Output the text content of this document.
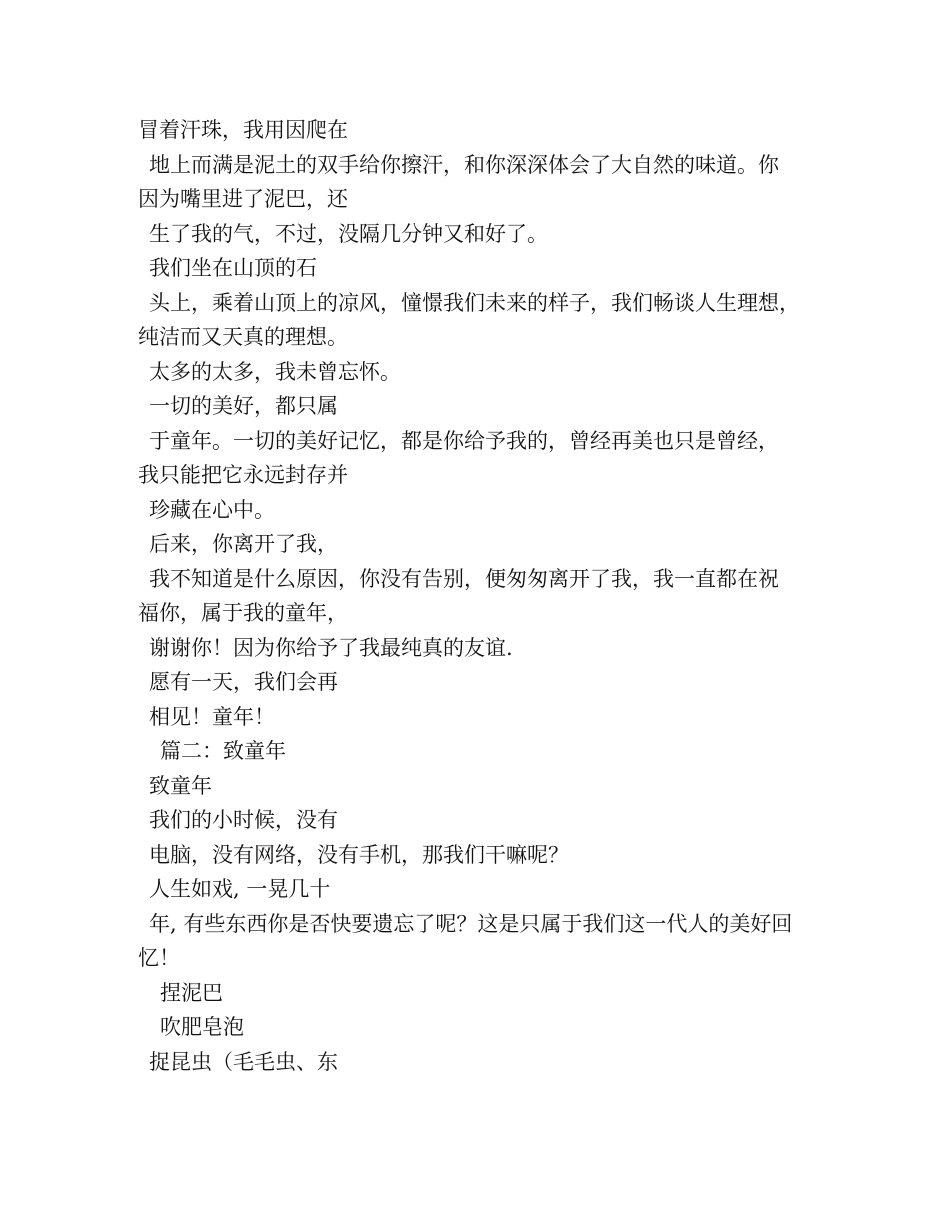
冒着汗珠，我用因爬在
地上而满是泥土的双手给你擦汗，和你深深体会了大自然的味道。你
因为嘴里进了泥巴，还
生了我的气，不过，没隔几分钟又和好了。
我们坐在山顶的石
头上，乘着山顶上的凉风，憧憬我们未来的样子，我们畅谈人生理想，
纯洁而又天真的理想。
太多的太多，我未曾忘怀。
一切的美好，都只属
于童年。一切的美好记忆，都是你给予我的，曾经再美也只是曾经，
我只能把它永远封存并
珍藏在心中。
后来，你离开了我，
我不知道是什么原因，你没有告别，便匆匆离开了我，我一直都在祝
福你，属于我的童年，
谢谢你！因为你给予了我最纯真的友谊.
愿有一天，我们会再
相见！童年！
篇二：致童年
致童年
我们的小时候，没有
电脑，没有网络，没有手机，那我们干嘛呢？
人生如戏, 一晃几十
年, 有些东西你是否快要遗忘了呢？这是只属于我们这一代人的美好回
忆！
捏泥巴
吹肥皂泡
捉昆虫（毛毛虫、东
